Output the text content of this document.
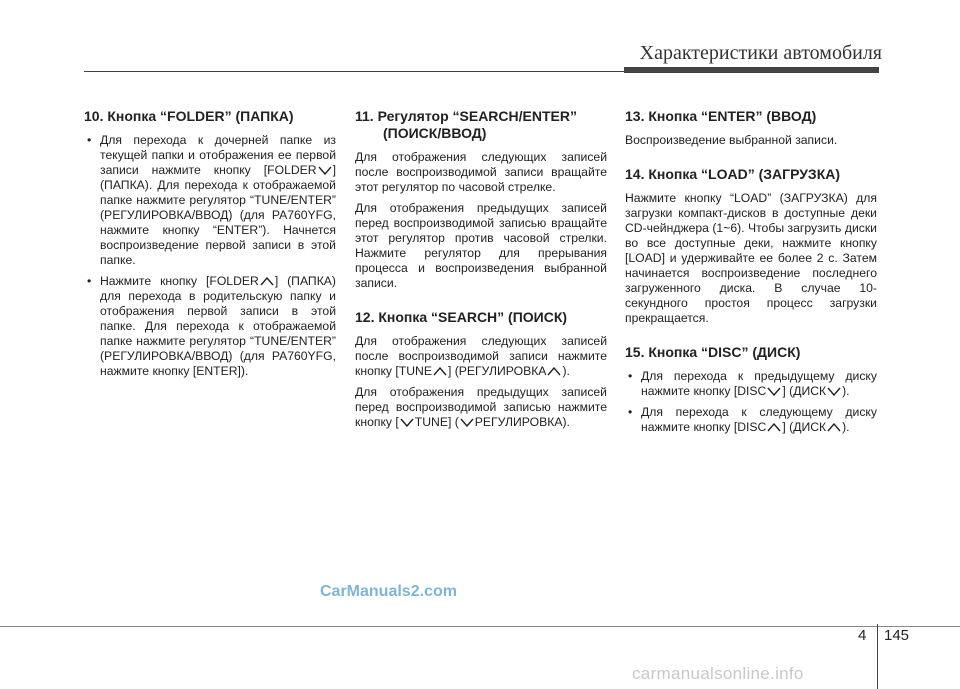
Характеристики автомобиля
10. Кнопка “FOLDER” (ПАПКА)
• Для перехода к дочерней папке из текущей папки и отображения ее первой записи нажмите кнопку [FOLDER ] (ПАПКА). Для перехода к отображаемой папке нажмите регулятор “TUNE/ENTER” (РЕГУЛИРОВКА/ВВОД) (для PA760YFG, нажмите кнопку “ENTER”). Начнется воспроизведение первой записи в этой папке.
• Нажмите кнопку [FOLDER ] (ПАПКА) для перехода в родительскую папку и отображения первой записи в этой папке. Для перехода к отображаемой папке нажмите регулятор “TUNE/ENTER” (РЕГУЛИРОВКА/ВВОД) (для PA760YFG, нажмите кнопку [ENTER]).
11. Регулятор “SEARCH/ENTER” (ПОИСК/ВВОД)

Для отображения следующих записей после воспроизводимой записи вращайте этот регулятор по часовой стрелке.

Для отображения предыдущих записей перед воспроизводимой записью вращайте этот регулятор против часовой стрелки. Нажмите регулятор для прерывания процесса и воспроизведения выбранной записи.

12. Кнопка “SEARCH” (ПОИСК)

Для отображения следующих записей после воспроизводимой записи нажмите кнопку [TUNE ] (РЕГУЛИРОВКА ).

Для отображения предыдущих записей перед воспроизводимой записью нажмите кнопку [ TUNE] ( РЕГУЛИРОВКА).

13. Кнопка “ENTER” (ВВОД)

Воспроизведение выбранной записи.

14. Кнопка “LOAD” (ЗАГРУЗКА)

Нажмите кнопку “LOAD” (ЗАГРУЗКА) для загрузки компакт-дисков в доступные деки CD-чейнджера (1~6). Чтобы загрузить диски во все доступные деки, нажмите кнопку [LOAD] и удерживайте ее более 2 с. Затем начинается воспроизведение последнего загруженного диска. В случае 10-секундного простоя процесс загрузки прекращается.

15. Кнопка “DISC” (ДИСК)
• Для перехода к предыдущему диску нажмите кнопку [DISC ] (ДИСК ).
• Для перехода к следующему диску нажмите кнопку [DISC ] (ДИСК ).
CarManuals2.com
4 145
carmanualsonline.info
